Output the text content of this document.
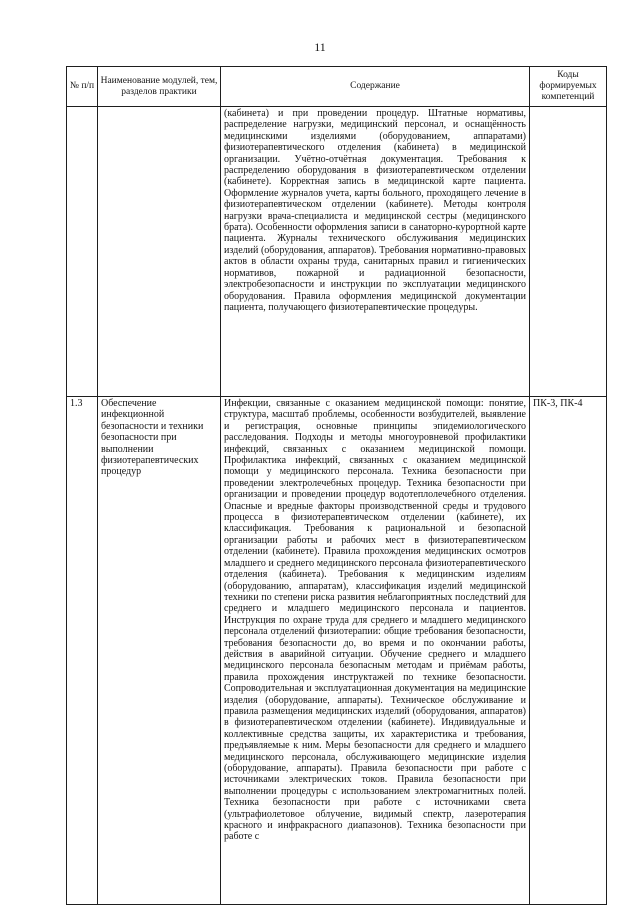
11
№ п/п	Наименование модулей, тем, разделов практики	Содержание	Коды формируемых компетенций
		(кабинета) и при проведении процедур. Штатные нормативы, распределение нагрузки, медицинский персонал, и оснащённость медицинскими изделиями (оборудованием, аппаратами) физиотерапевтического отделения (кабинета) в медицинской организации. Учётно-отчётная документация. Требования к распределению оборудования в физиотерапевтическом отделении (кабинете). Корректная запись в медицинской карте пациента. Оформление журналов учета, карты больного, проходящего лечение в физиотерапевтическом отделении (кабинете). Методы контроля нагрузки врача-специалиста и медицинской сестры (медицинского брата). Особенности оформления записи в санаторно-курортной карте пациента. Журналы технического обслуживания медицинских изделий (оборудования, аппаратов). Требования нормативно-правовых актов в области охраны труда, санитарных правил и гигиенических нормативов, пожарной и радиационной безопасности, электробезопасности и инструкции по эксплуатации медицинского оборудования. Правила оформления медицинской документации пациента, получающего физиотерапевтические процедуры.	
1.3	Обеспечение инфекционной безопасности и техники безопасности при выполнении физиотерапевтических процедур	Инфекции, связанные с оказанием медицинской помощи: понятие, структура, масштаб проблемы, особенности возбудителей, выявление и регистрация, основные принципы эпидемиологического расследования. Подходы и методы многоуровневой профилактики инфекций, связанных с оказанием медицинской помощи. Профилактика инфекций, связанных с оказанием медицинской помощи у медицинского персонала. Техника безопасности при проведении электролечебных процедур. Техника безопасности при организации и проведении процедур водотеплолечебного отделения. Опасные и вредные факторы производственной среды и трудового процесса в физиотерапевтическом отделении (кабинете), их классификация. Требования к рациональной и безопасной организации работы и рабочих мест в физиотерапевтическом отделении (кабинете). Правила прохождения медицинских осмотров младшего и среднего медицинского персонала физиотерапевтического отделения (кабинета). Требования к медицинским изделиям (оборудованию, аппаратам), классификация изделий медицинской техники по степени риска развития неблагоприятных последствий для среднего и младшего медицинского персонала и пациентов. Инструкция по охране труда для среднего и младшего медицинского персонала отделений физиотерапии: общие требования безопасности, требования безопасности до, во время и по окончании работы, действия в аварийной ситуации. Обучение среднего и младшего медицинского персонала безопасным методам и приёмам работы, правила прохождения инструктажей по технике безопасности. Сопроводительная и эксплуатационная документация на медицинские изделия (оборудование, аппараты). Техническое обслуживание и правила размещения медицинских изделий (оборудования, аппаратов) в физиотерапевтическом отделении (кабинете). Индивидуальные и коллективные средства защиты, их характеристика и требования, предъявляемые к ним. Меры безопасности для среднего и младшего медицинского персонала, обслуживающего медицинские изделия (оборудование, аппараты). Правила безопасности при работе с источниками электрических токов. Правила безопасности при выполнении процедуры с использованием электромагнитных полей. Техника безопасности при работе с источниками света (ультрафиолетовое облучение, видимый спектр, лазеротерапия красного и инфракрасного диапазонов). Техника безопасности при работе с	ПК-3, ПК-4
